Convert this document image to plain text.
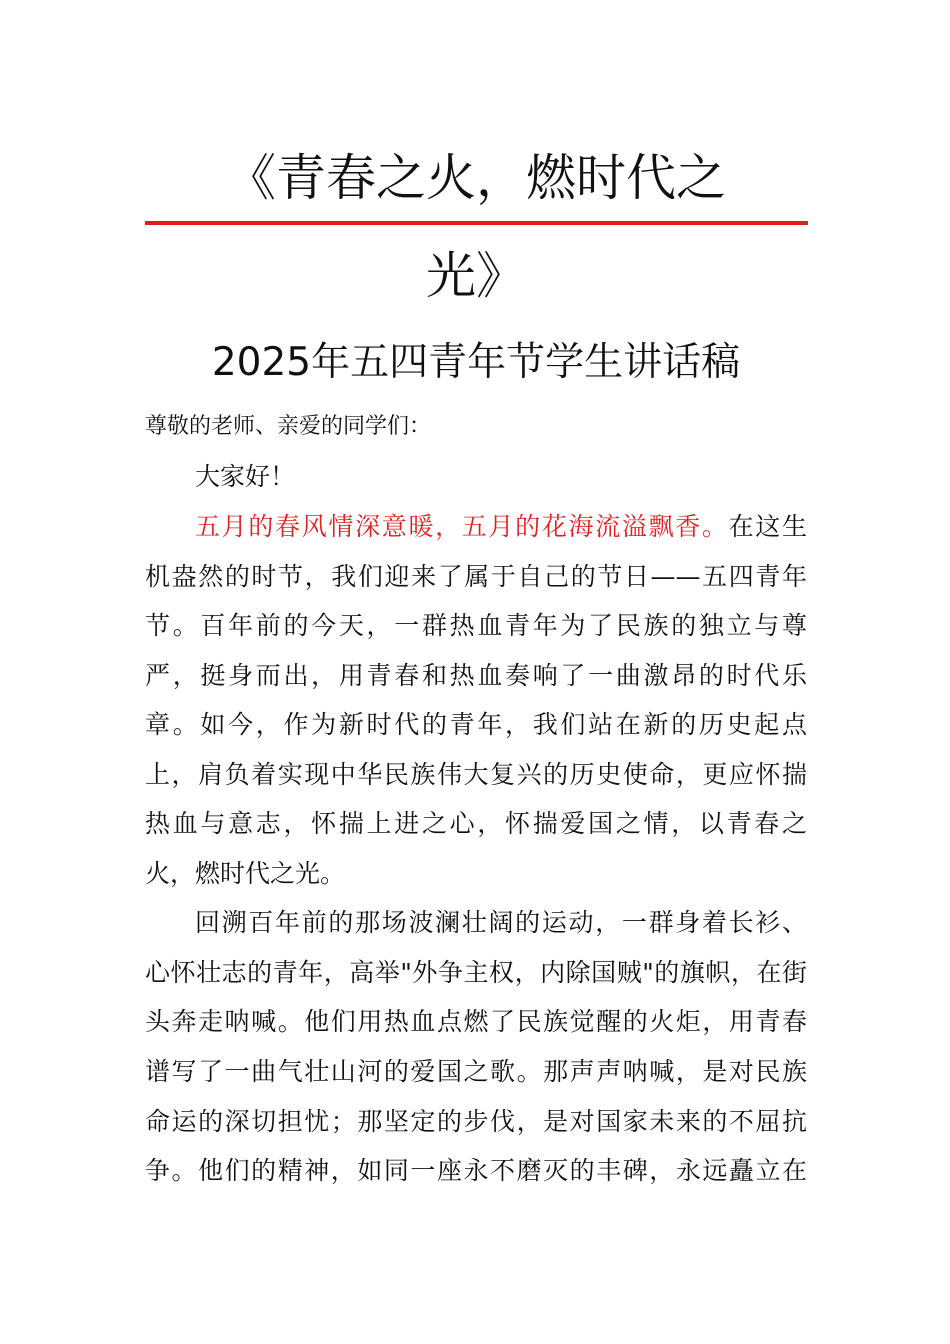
《青春之火，燃时代之
光》
2025年五四青年节学生讲话稿
尊敬的老师、亲爱的同学们：
大家好！
五月的春风情深意暖，五月的花海流溢飘香。在这生
机盎然的时节，我们迎来了属于自己的节日——五四青年
节。百年前的今天，一群热血青年为了民族的独立与尊
严，挺身而出，用青春和热血奏响了一曲激昂的时代乐
章。如今，作为新时代的青年，我们站在新的历史起点
上，肩负着实现中华民族伟大复兴的历史使命，更应怀揣
热血与意志，怀揣上进之心，怀揣爱国之情，以青春之
火，燃时代之光。
回溯百年前的那场波澜壮阔的运动，一群身着长衫、
心怀壮志的青年，高举"外争主权，内除国贼"的旗帜，在街
头奔走呐喊。他们用热血点燃了民族觉醒的火炬，用青春
谱写了一曲气壮山河的爱国之歌。那声声呐喊，是对民族
命运的深切担忧；那坚定的步伐，是对国家未来的不屈抗
争。他们的精神，如同一座永不磨灭的丰碑，永远矗立在
